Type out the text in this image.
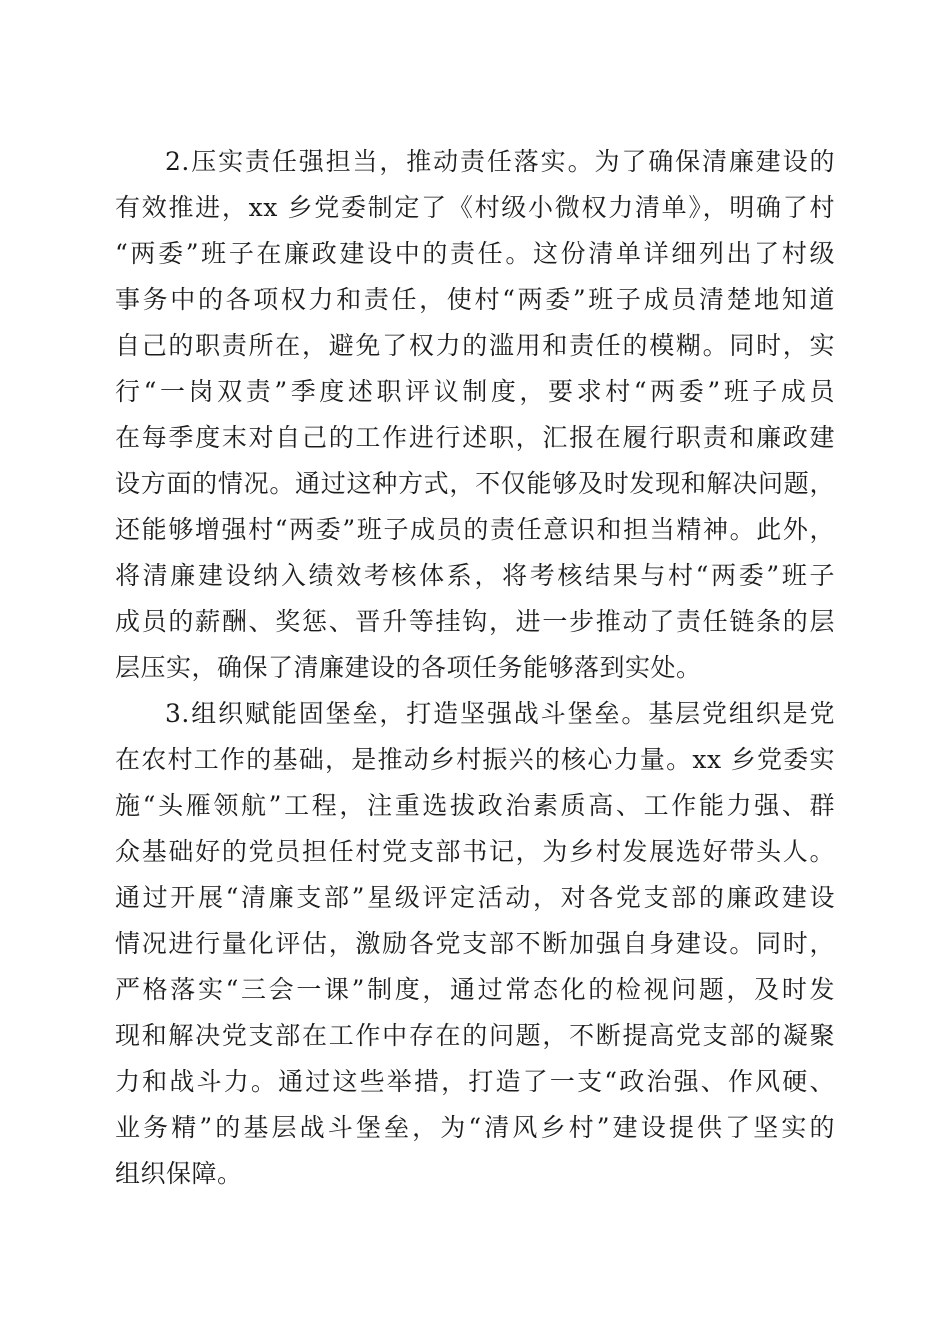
2.压实责任强担当，推动责任落实。为了确保清廉建设的
有效推进，xx 乡党委制定了《村级小微权力清单》，明确了村
“两委”班子在廉政建设中的责任。这份清单详细列出了村级
事务中的各项权力和责任，使村“两委”班子成员清楚地知道
自己的职责所在，避免了权力的滥用和责任的模糊。同时，实
行“一岗双责”季度述职评议制度，要求村“两委”班子成员
在每季度末对自己的工作进行述职，汇报在履行职责和廉政建
设方面的情况。通过这种方式，不仅能够及时发现和解决问题，
还能够增强村“两委”班子成员的责任意识和担当精神。此外，
将清廉建设纳入绩效考核体系，将考核结果与村“两委”班子
成员的薪酬、奖惩、晋升等挂钩，进一步推动了责任链条的层
层压实，确保了清廉建设的各项任务能够落到实处。
3.组织赋能固堡垒，打造坚强战斗堡垒。基层党组织是党
在农村工作的基础，是推动乡村振兴的核心力量。xx 乡党委实
施“头雁领航”工程，注重选拔政治素质高、工作能力强、群
众基础好的党员担任村党支部书记，为乡村发展选好带头人。
通过开展“清廉支部”星级评定活动，对各党支部的廉政建设
情况进行量化评估，激励各党支部不断加强自身建设。同时，
严格落实“三会一课”制度，通过常态化的检视问题，及时发
现和解决党支部在工作中存在的问题，不断提高党支部的凝聚
力和战斗力。通过这些举措，打造了一支“政治强、作风硬、
业务精”的基层战斗堡垒，为“清风乡村”建设提供了坚实的
组织保障。
